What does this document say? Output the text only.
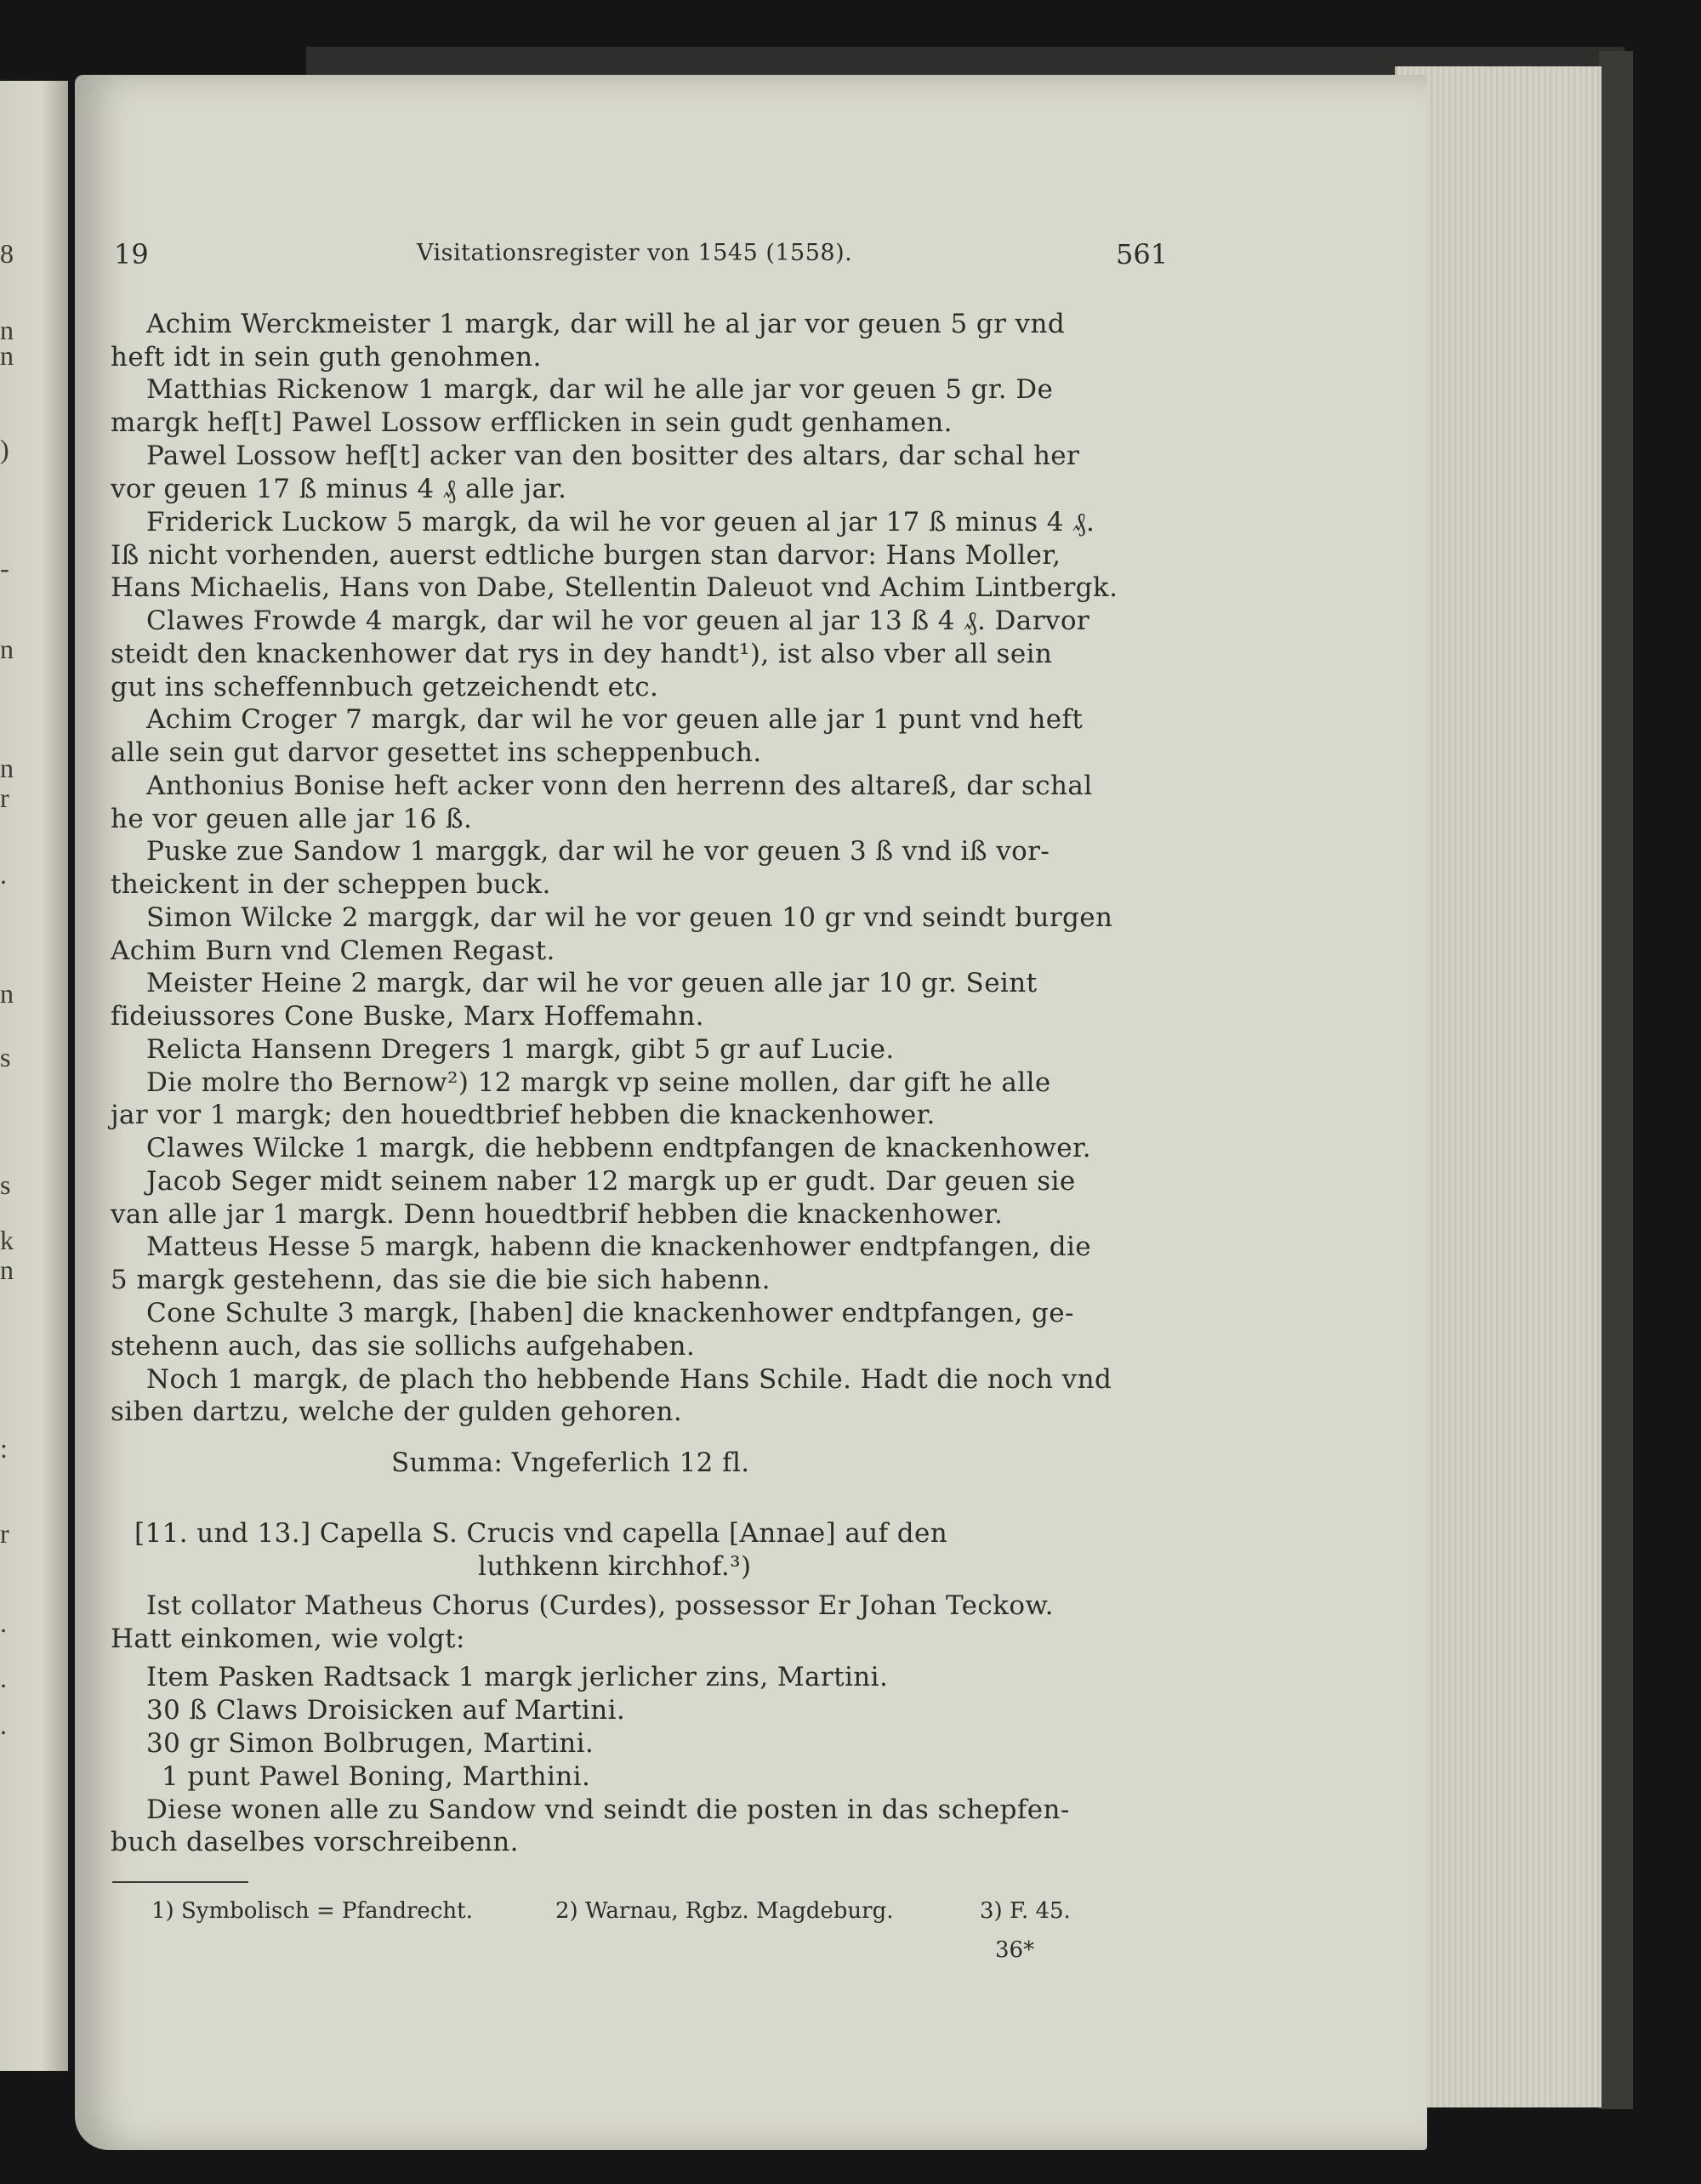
8
n
n
)
-
n
n
r
.
n
s
s
k
n
:
r
.
.
.
19	Visitationsregister von 1545 (1558).	561
Achim Werckmeister 1 margk, dar will he al jar vor geuen 5 gr vnd
heft idt in sein guth genohmen.
Matthias Rickenow 1 margk, dar wil he alle jar vor geuen 5 gr. De
margk hef[t] Pawel Lossow erfflicken in sein gudt genhamen.
Pawel Lossow hef[t] acker van den bositter des altars, dar schal her
vor geuen 17 ß minus 4 ₰ alle jar.
Friderick Luckow 5 margk, da wil he vor geuen al jar 17 ß minus 4 ₰.
Iß nicht vorhenden, auerst edtliche burgen stan darvor: Hans Moller,
Hans Michaelis, Hans von Dabe, Stellentin Daleuot vnd Achim Lintbergk.
Clawes Frowde 4 margk, dar wil he vor geuen al jar 13 ß 4 ₰. Darvor
steidt den knackenhower dat rys in dey handt¹), ist also vber all sein
gut ins scheffennbuch getzeichendt etc.
Achim Croger 7 margk, dar wil he vor geuen alle jar 1 punt vnd heft
alle sein gut darvor gesettet ins scheppenbuch.
Anthonius Bonise heft acker vonn den herrenn des altareß, dar schal
he vor geuen alle jar 16 ß.
Puske zue Sandow 1 marggk, dar wil he vor geuen 3 ß vnd iß vor-
theickent in der scheppen buck.
Simon Wilcke 2 marggk, dar wil he vor geuen 10 gr vnd seindt burgen
Achim Burn vnd Clemen Regast.
Meister Heine 2 margk, dar wil he vor geuen alle jar 10 gr. Seint
fideiussores Cone Buske, Marx Hoffemahn.
Relicta Hansenn Dregers 1 margk, gibt 5 gr auf Lucie.
Die molre tho Bernow²) 12 margk vp seine mollen, dar gift he alle
jar vor 1 margk; den houedtbrief hebben die knackenhower.
Clawes Wilcke 1 margk, die hebbenn endtpfangen de knackenhower.
Jacob Seger midt seinem naber 12 margk up er gudt. Dar geuen sie
van alle jar 1 margk. Denn houedtbrif hebben die knackenhower.
Matteus Hesse 5 margk, habenn die knackenhower endtpfangen, die
5 margk gestehenn, das sie die bie sich habenn.
Cone Schulte 3 margk, [haben] die knackenhower endtpfangen, ge-
stehenn auch, das sie sollichs aufgehaben.
Noch 1 margk, de plach tho hebbende Hans Schile. Hadt die noch vnd
siben dartzu, welche der gulden gehoren.
Summa: Vngeferlich 12 fl.
[11. und 13.] Capella S. Crucis vnd capella [Annae] auf den
luthkenn kirchhof.³)
Ist collator Matheus Chorus (Curdes), possessor Er Johan Teckow.
Hatt einkomen, wie volgt:
Item Pasken Radtsack 1 margk jerlicher zins, Martini.
30 ß Claws Droisicken auf Martini.
30 gr Simon Bolbrugen, Martini.
1 punt Pawel Boning, Marthini.
Diese wonen alle zu Sandow vnd seindt die posten in das schepfen-
buch daselbes vorschreibenn.
1) Symbolisch = Pfandrecht.	2) Warnau, Rgbz. Magdeburg.	3) F. 45.
36*
